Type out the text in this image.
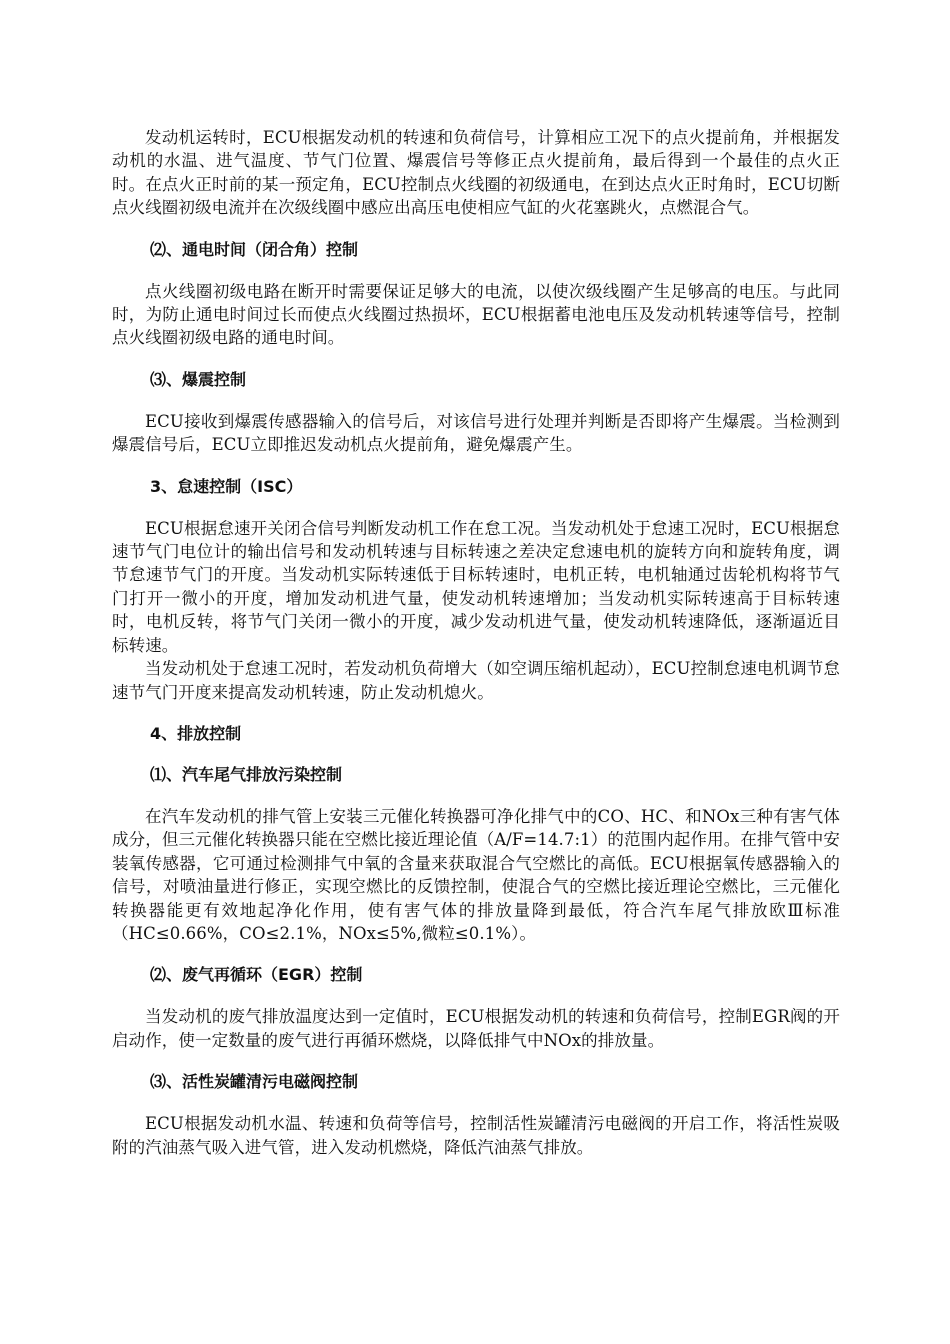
发动机运转时，ECU根据发动机的转速和负荷信号，计算相应工况下的点火提前角，并根据发动机的水温、进气温度、节气门位置、爆震信号等修正点火提前角，最后得到一个最佳的点火正时。在点火正时前的某一预定角，ECU控制点火线圈的初级通电，在到达点火正时角时，ECU切断点火线圈初级电流并在次级线圈中感应出高压电使相应气缸的火花塞跳火，点燃混合气。

⑵、通电时间（闭合角）控制

点火线圈初级电路在断开时需要保证足够大的电流，以使次级线圈产生足够高的电压。与此同时，为防止通电时间过长而使点火线圈过热损坏，ECU根据蓄电池电压及发动机转速等信号，控制点火线圈初级电路的通电时间。

⑶、爆震控制

ECU接收到爆震传感器输入的信号后，对该信号进行处理并判断是否即将产生爆震。当检测到爆震信号后，ECU立即推迟发动机点火提前角，避免爆震产生。

3、怠速控制（ISC）

ECU根据怠速开关闭合信号判断发动机工作在怠工况。当发动机处于怠速工况时，ECU根据怠速节气门电位计的输出信号和发动机转速与目标转速之差决定怠速电机的旋转方向和旋转角度，调节怠速节气门的开度。当发动机实际转速低于目标转速时，电机正转，电机轴通过齿轮机构将节气门打开一微小的开度，增加发动机进气量，使发动机转速增加；当发动机实际转速高于目标转速时，电机反转，将节气门关闭一微小的开度，减少发动机进气量，使发动机转速降低，逐渐逼近目标转速。

当发动机处于怠速工况时，若发动机负荷增大（如空调压缩机起动），ECU控制怠速电机调节怠速节气门开度来提高发动机转速，防止发动机熄火。

4、排放控制

⑴、汽车尾气排放污染控制

在汽车发动机的排气管上安装三元催化转换器可净化排气中的CO、HC、和NOx三种有害气体成分，但三元催化转换器只能在空燃比接近理论值（A/F=14.7:1）的范围内起作用。在排气管中安装氧传感器，它可通过检测排气中氧的含量来获取混合气空燃比的高低。ECU根据氧传感器输入的信号，对喷油量进行修正，实现空燃比的反馈控制，使混合气的空燃比接近理论空燃比，三元催化转换器能更有效地起净化作用，使有害气体的排放量降到最低，符合汽车尾气排放欧Ⅲ标准（HC≤0.66%，CO≤2.1%，NOx≤5%,微粒≤0.1%）。

⑵、废气再循环（EGR）控制

当发动机的废气排放温度达到一定值时，ECU根据发动机的转速和负荷信号，控制EGR阀的开启动作，使一定数量的废气进行再循环燃烧，以降低排气中NOx的排放量。

⑶、活性炭罐清污电磁阀控制

ECU根据发动机水温、转速和负荷等信号，控制活性炭罐清污电磁阀的开启工作，将活性炭吸附的汽油蒸气吸入进气管，进入发动机燃烧，降低汽油蒸气排放。
